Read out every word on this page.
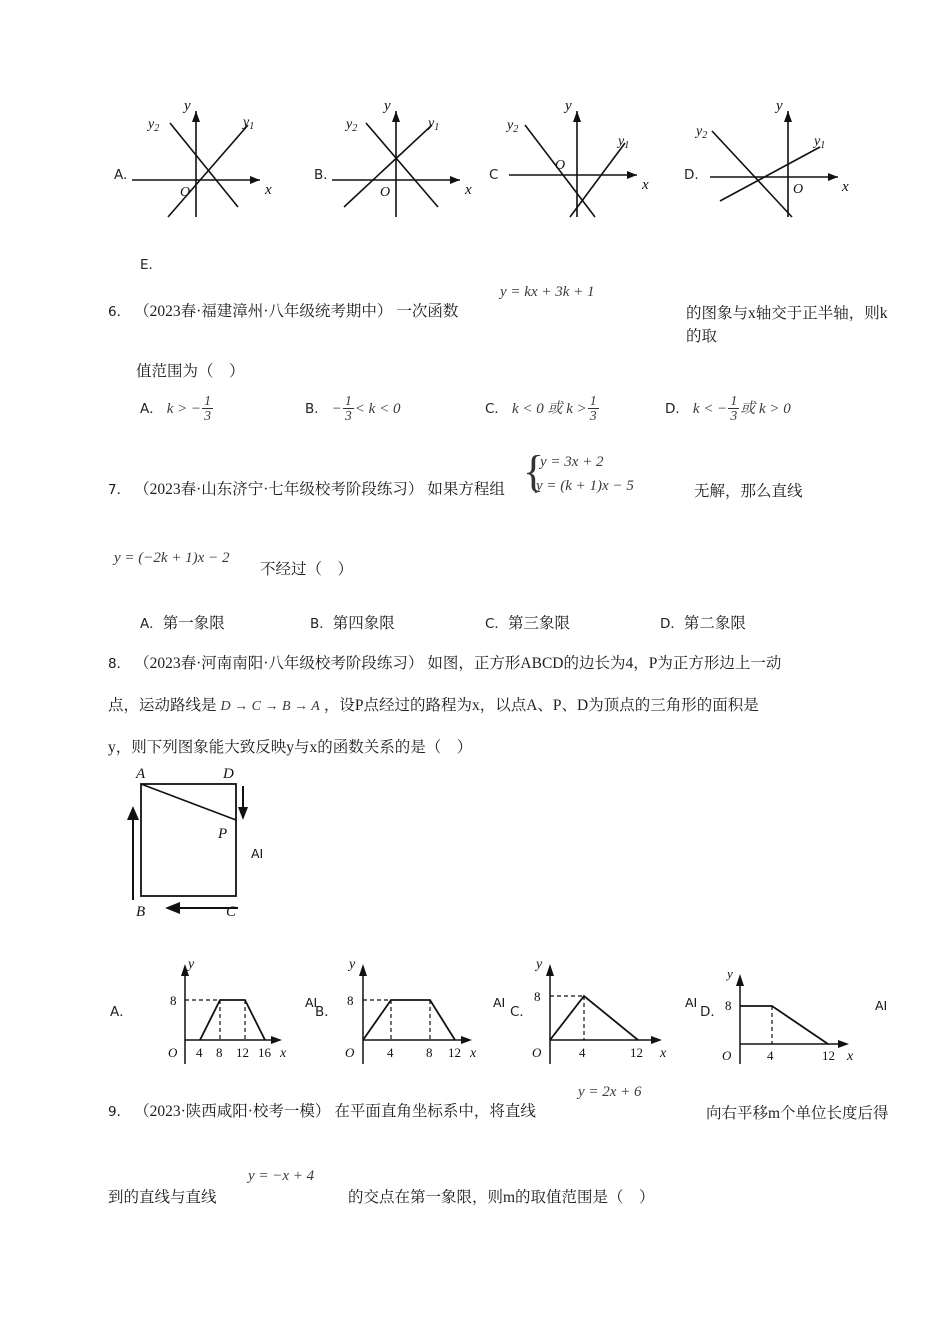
A.
x
y
O
$y_1$
$y_2$
B.
x
y
O
$y_1$
$y_2$
C
x
y
O
$y_1$
$y_2$
D.
x
y
O
$y_1$
$y_2$
E.
6． （2023春·福建漳州·八年级统考期中） 一次函数
y = kx + 3k + 1
的图象与x轴交于正半轴，则k的取
值范围为（　）
A． k > − $\frac{1}{3}$	B． − $\frac{1}{3} < k < 0$	C． k < 0 或 $k > \frac{1}{3}$	D． k < − $\frac{1}{3}$ 或 k > 0
7． （2023春·山东济宁·七年级校考阶段练习） 如果方程组 {
y = 3x + 2
y = (k + 1)x − 5	无解，那么直线
y = (−2k + 1)x − 2
不经过（　）
A．第一象限	B．第四象限	C．第三象限	D．第二象限
8． （2023春·河南南阳·八年级校考阶段练习） 如图，正方形ABCD的边长为4，P为正方形边上一动
点，运动路线是 D → C → B → A ，设P点经过的路程为x，以点A、P、D为顶点的三角形的面积是
y，则下列图象能大致反映y与x的函数关系的是（　）
A	D
B	C
P
AI
A．
y
x
O
8
4 8 12 16
AI
B．
y
x
O
8
4	8 12
AI
C．
y
x
O
8
4	12
AI
D．
y
x
O
8
4	12
AI
9． （2023·陕西咸阳·校考一模） 在平面直角坐标系中，将直线
y = 2x + 6
向右平移m个单位长度后得
到的直线与直线
y = −x + 4
的交点在第一象限，则m的取值范围是（　）
